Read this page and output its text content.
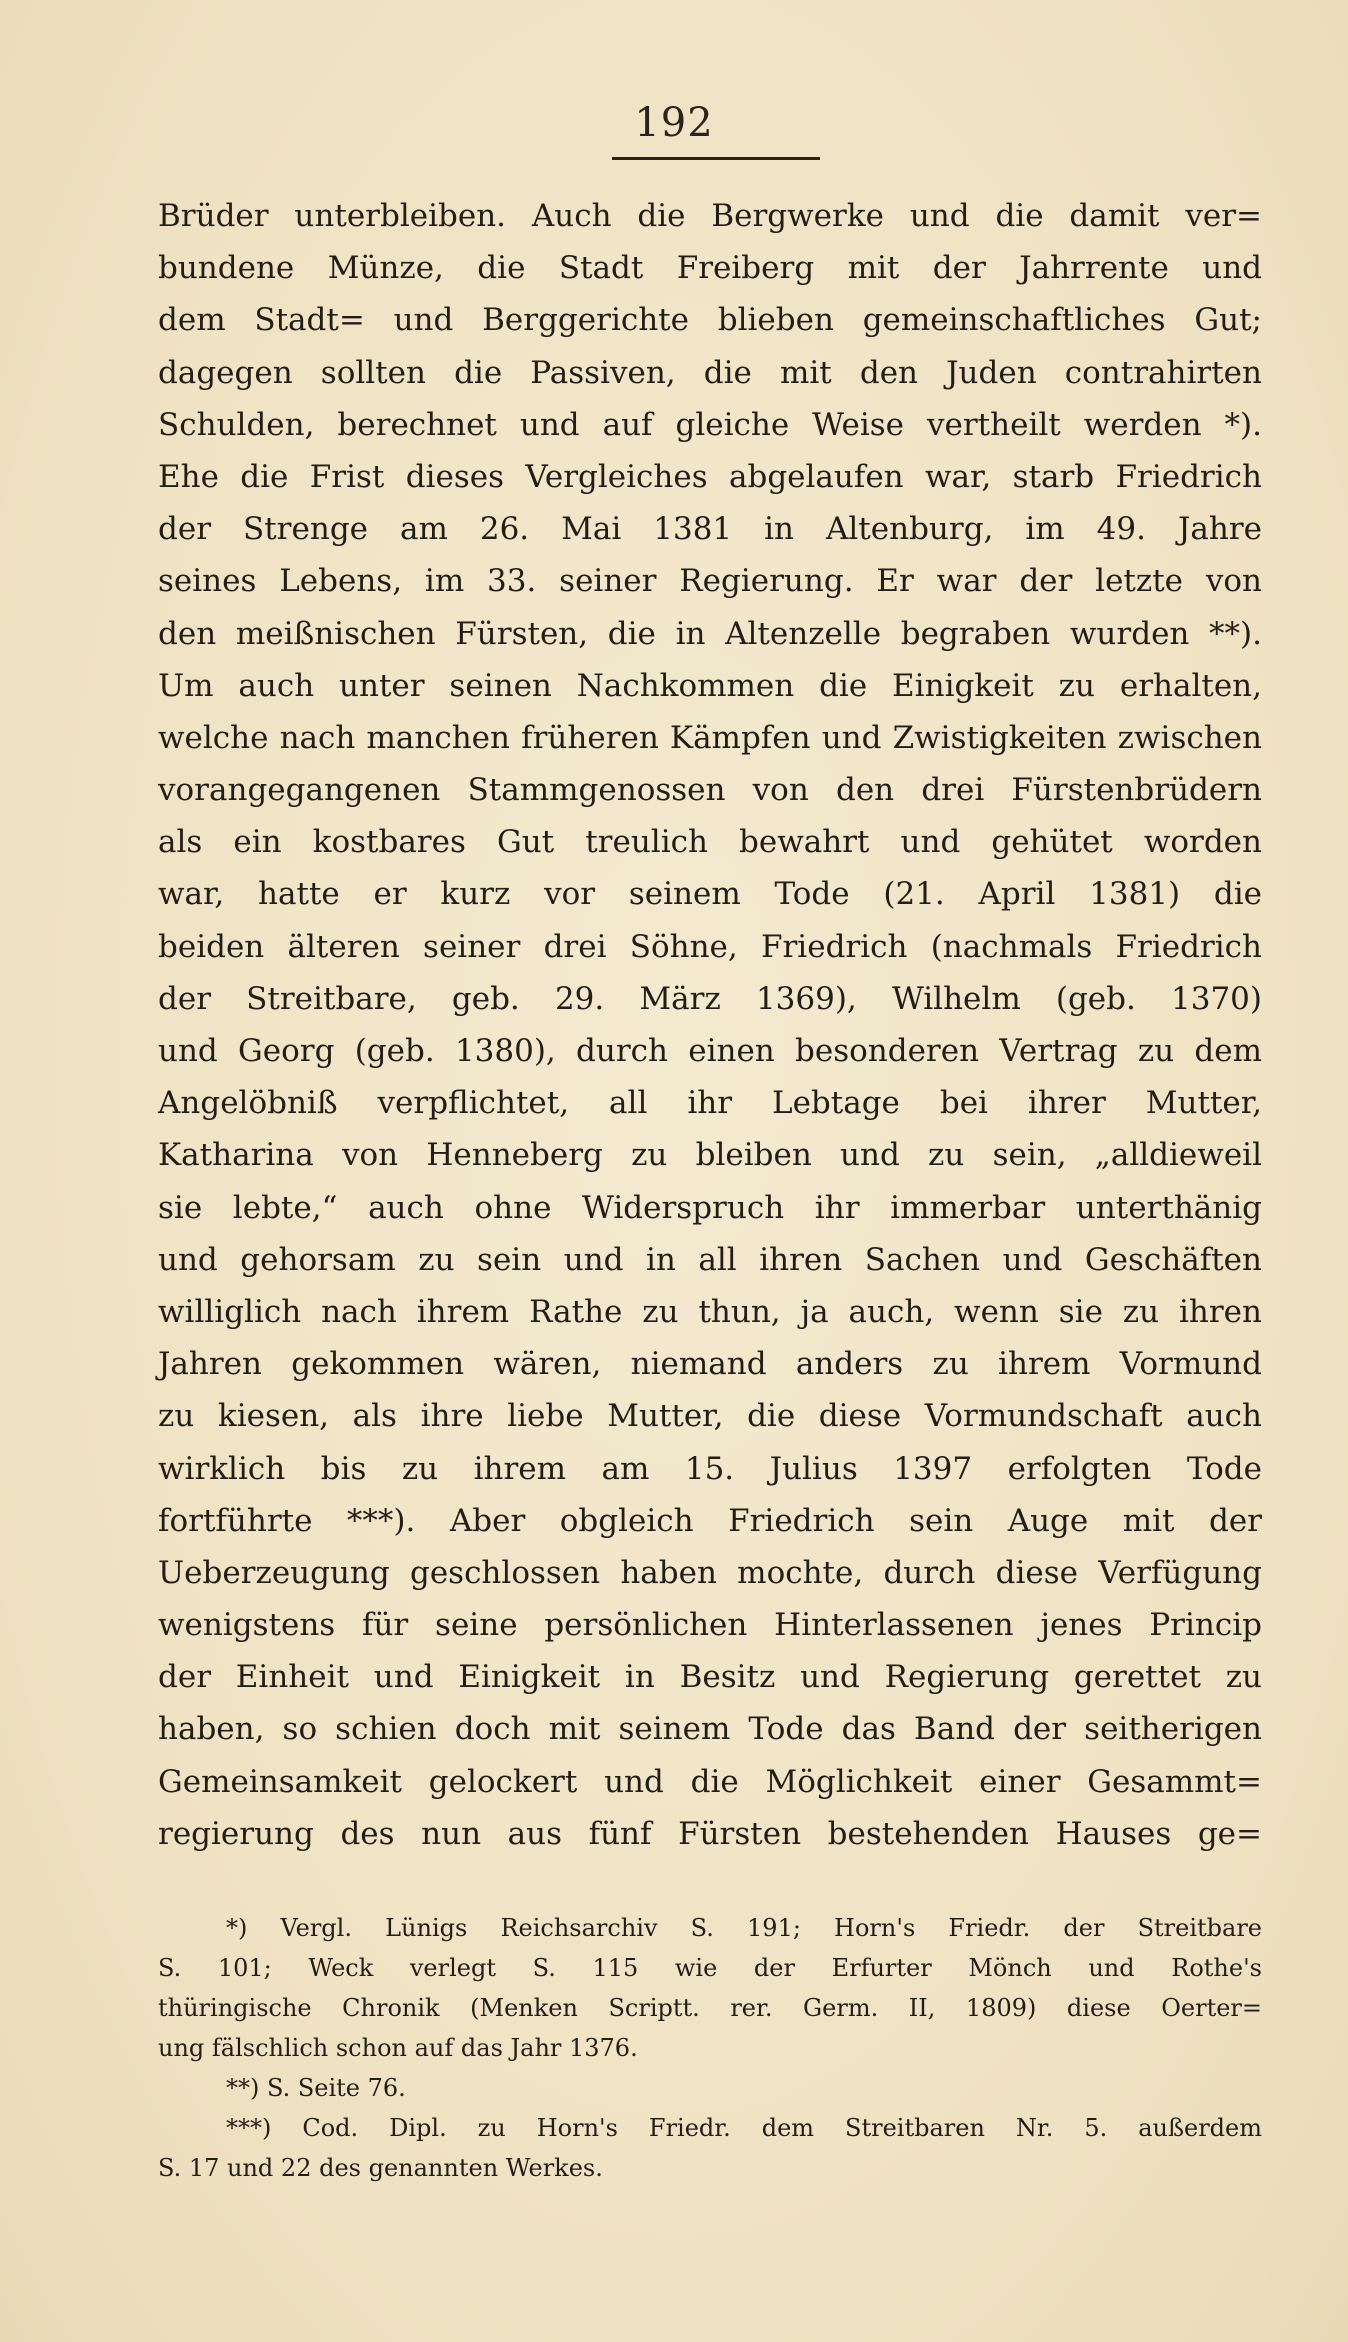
192
Brüder unterbleiben. Auch die Bergwerke und die damit ver=
bundene Münze, die Stadt Freiberg mit der Jahrrente und
dem Stadt= und Berggerichte blieben gemeinschaftliches Gut;
dagegen sollten die Passiven, die mit den Juden contrahirten
Schulden, berechnet und auf gleiche Weise vertheilt werden *).
Ehe die Frist dieses Vergleiches abgelaufen war, starb Friedrich
der Strenge am 26. Mai 1381 in Altenburg, im 49. Jahre
seines Lebens, im 33. seiner Regierung. Er war der letzte von
den meißnischen Fürsten, die in Altenzelle begraben wurden **).
Um auch unter seinen Nachkommen die Einigkeit zu erhalten,
welche nach manchen früheren Kämpfen und Zwistigkeiten zwischen
vorangegangenen Stammgenossen von den drei Fürstenbrüdern
als ein kostbares Gut treulich bewahrt und gehütet worden
war, hatte er kurz vor seinem Tode (21. April 1381) die
beiden älteren seiner drei Söhne, Friedrich (nachmals Friedrich
der Streitbare, geb. 29. März 1369), Wilhelm (geb. 1370)
und Georg (geb. 1380), durch einen besonderen Vertrag zu dem
Angelöbniß verpflichtet, all ihr Lebtage bei ihrer Mutter,
Katharina von Henneberg zu bleiben und zu sein, „alldieweil
sie lebte,“ auch ohne Widerspruch ihr immerbar unterthänig
und gehorsam zu sein und in all ihren Sachen und Geschäften
williglich nach ihrem Rathe zu thun, ja auch, wenn sie zu ihren
Jahren gekommen wären, niemand anders zu ihrem Vormund
zu kiesen, als ihre liebe Mutter, die diese Vormundschaft auch
wirklich bis zu ihrem am 15. Julius 1397 erfolgten Tode
fortführte ***). Aber obgleich Friedrich sein Auge mit der
Ueberzeugung geschlossen haben mochte, durch diese Verfügung
wenigstens für seine persönlichen Hinterlassenen jenes Princip
der Einheit und Einigkeit in Besitz und Regierung gerettet zu
haben, so schien doch mit seinem Tode das Band der seitherigen
Gemeinsamkeit gelockert und die Möglichkeit einer Gesammt=
regierung des nun aus fünf Fürsten bestehenden Hauses ge=
*) Vergl. Lünigs Reichsarchiv S. 191; Horn's Friedr. der Streitbare
S. 101; Weck verlegt S. 115 wie der Erfurter Mönch und Rothe's
thüringische Chronik (Menken Scriptt. rer. Germ. II, 1809) diese Oerter=
ung fälschlich schon auf das Jahr 1376.
**) S. Seite 76.
***) Cod. Dipl. zu Horn's Friedr. dem Streitbaren Nr. 5. außerdem
S. 17 und 22 des genannten Werkes.
